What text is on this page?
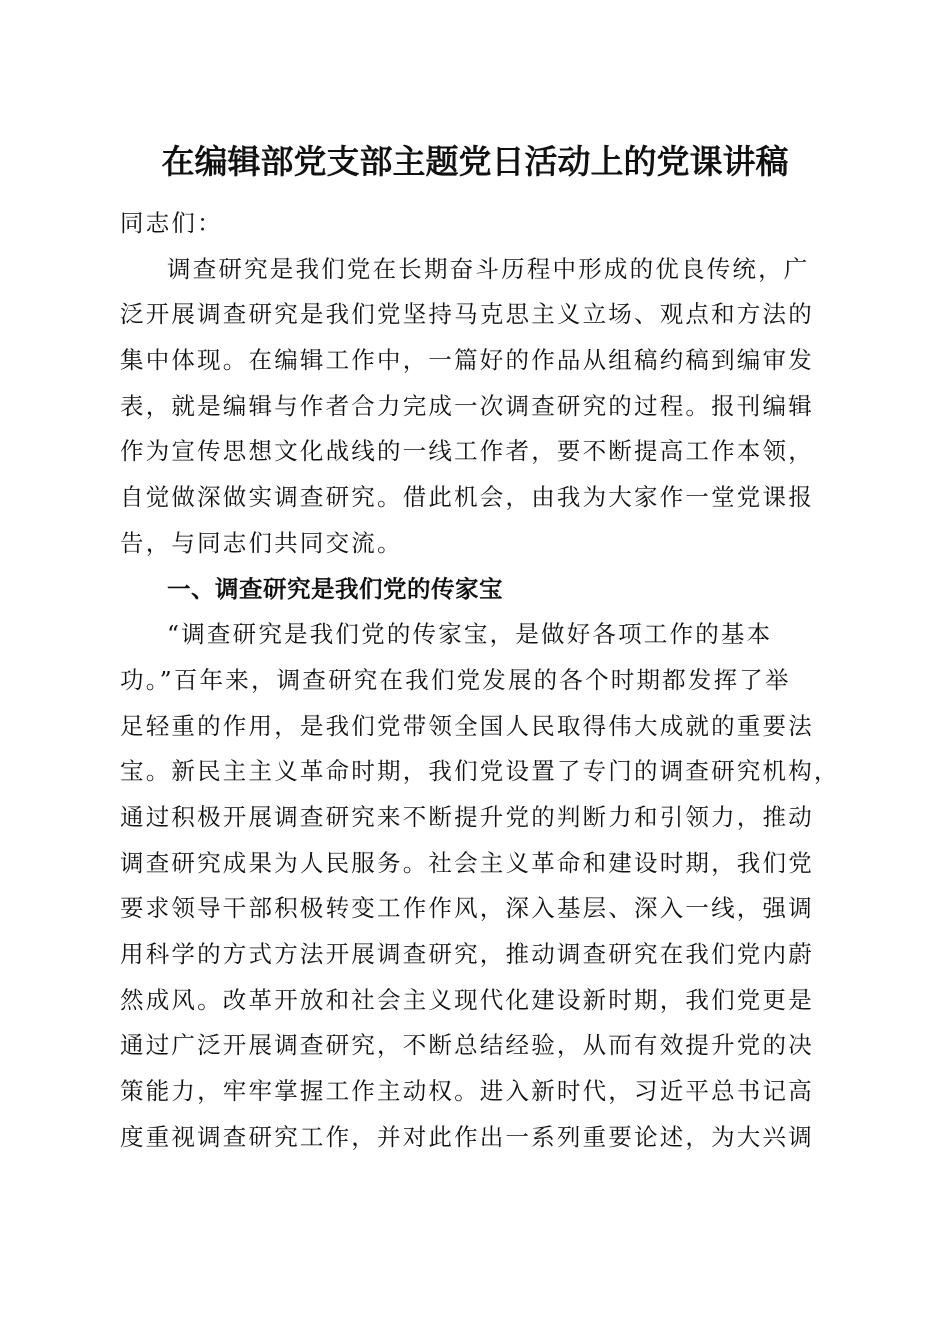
在编辑部党支部主题党日活动上的党课讲稿
同志们：
调查研究是我们党在长期奋斗历程中形成的优良传统，广
泛开展调查研究是我们党坚持马克思主义立场、观点和方法的
集中体现。在编辑工作中，一篇好的作品从组稿约稿到编审发
表，就是编辑与作者合力完成一次调查研究的过程。报刊编辑
作为宣传思想文化战线的一线工作者，要不断提高工作本领，
自觉做深做实调查研究。借此机会，由我为大家作一堂党课报
告，与同志们共同交流。
一、调查研究是我们党的传家宝
“调查研究是我们党的传家宝，是做好各项工作的基本
功。”百年来，调查研究在我们党发展的各个时期都发挥了举
足轻重的作用，是我们党带领全国人民取得伟大成就的重要法
宝。新民主主义革命时期，我们党设置了专门的调查研究机构，
通过积极开展调查研究来不断提升党的判断力和引领力，推动
调查研究成果为人民服务。社会主义革命和建设时期，我们党
要求领导干部积极转变工作作风，深入基层、深入一线，强调
用科学的方式方法开展调查研究，推动调查研究在我们党内蔚
然成风。改革开放和社会主义现代化建设新时期，我们党更是
通过广泛开展调查研究，不断总结经验，从而有效提升党的决
策能力，牢牢掌握工作主动权。进入新时代，习近平总书记高
度重视调查研究工作，并对此作出一系列重要论述，为大兴调
